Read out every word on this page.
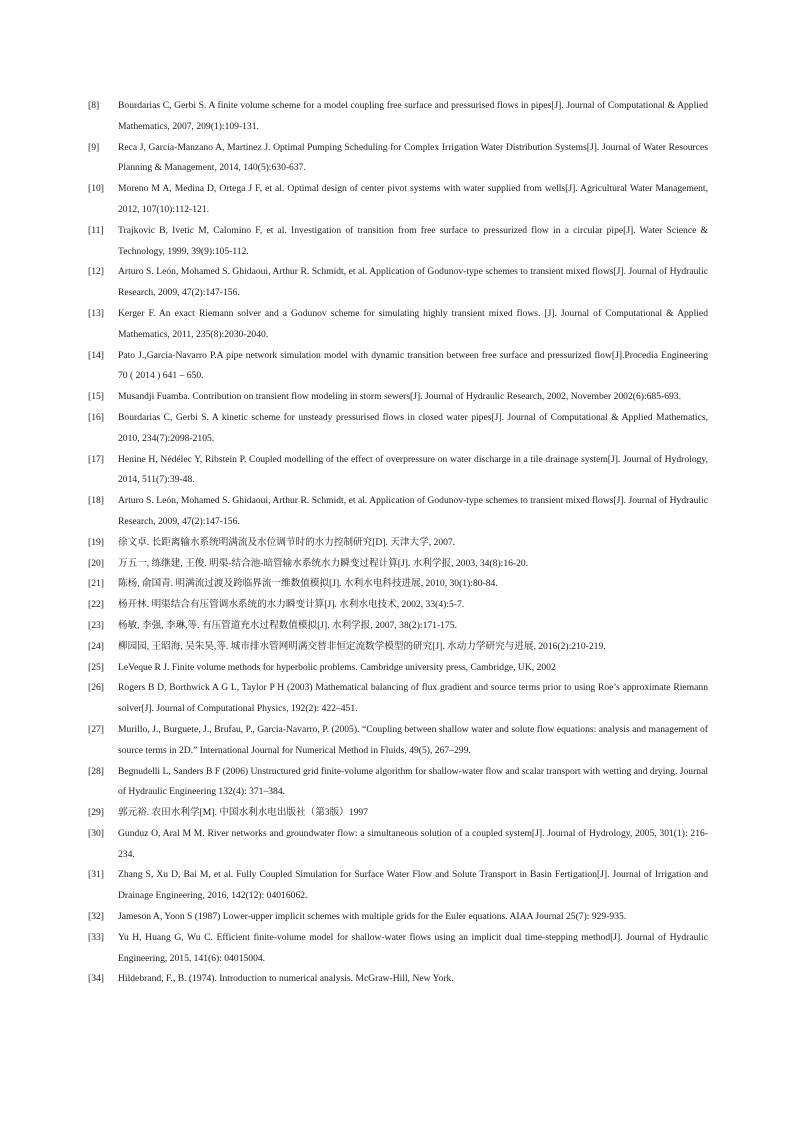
[8]	Bourdarias C, Gerbi S. A finite volume scheme for a model coupling free surface and pressurised flows in pipes[J]. Journal of Computational & Applied Mathematics, 2007, 209(1):109-131.
[9]	Reca J, García-Manzano A, Martinez J. Optimal Pumping Scheduling for Complex Irrigation Water Distribution Systems[J]. Journal of Water Resources Planning & Management, 2014, 140(5):630-637.
[10]	Moreno M A, Medina D, Ortega J F, et al. Optimal design of center pivot systems with water supplied from wells[J]. Agricultural Water Management, 2012, 107(10):112-121.
[11]	Trajkovic B, Ivetic M, Calomino F, et al. Investigation of transition from free surface to pressurized flow in a circular pipe[J]. Water Science & Technology, 1999, 39(9):105-112.
[12]	Arturo S. León, Mohamed S. Ghidaoui, Arthur R. Schmidt, et al. Application of Godunov-type schemes to transient mixed flows[J]. Journal of Hydraulic Research, 2009, 47(2):147-156.
[13]	Kerger F. An exact Riemann solver and a Godunov scheme for simulating highly transient mixed flows. [J]. Journal of Computational & Applied Mathematics, 2011, 235(8):2030-2040.
[14]	Pato J.,Garcia-Navarro P.A pipe network simulation model with dynamic transition between free surface and pressurized flow[J].Procedia Engineering 70 ( 2014 ) 641 – 650.
[15]	Musandji Fuamba. Contribution on transient flow modeling in storm sewers[J]. Journal of Hydraulic Research, 2002, November 2002(6):685-693.
[16]	Bourdarias C, Gerbi S. A kinetic scheme for unsteady pressurised flows in closed water pipes[J]. Journal of Computational & Applied Mathematics, 2010, 234(7):2098-2105.
[17]	Henine H, Nédélec Y, Ribstein P. Coupled modelling of the effect of overpressure on water discharge in a tile drainage system[J]. Journal of Hydrology, 2014, 511(7):39-48.
[18]	Arturo S. León, Mohamed S. Ghidaoui, Arthur R. Schmidt, et al. Application of Godunov-type schemes to transient mixed flows[J]. Journal of Hydraulic Research, 2009, 47(2):147-156.
[19]	徐文卓. 长距离输水系统明满流及水位调节时的水力控制研究[D]. 天津大学, 2007.
[20]	万五一, 练继建, 王俊. 明渠-结合池-暗管输水系统水力瞬变过程计算[J]. 水利学报, 2003, 34(8):16-20.
[21]	陈杨, 俞国青. 明满流过渡及跨临界流一维数值模拟[J]. 水利水电科技进展, 2010, 30(1):80-84.
[22]	杨开林. 明渠结合有压管调水系统的水力瞬变计算[J]. 水利水电技术, 2002, 33(4):5-7.
[23]	杨敏, 李强, 李琳,等. 有压管道充水过程数值模拟[J]. 水利学报, 2007, 38(2):171-175.
[24]	柳园园, 王昭海, 吴朱昊,等. 城市排水管网明满交替非恒定流数学模型的研究[J]. 水动力学研究与进展, 2016(2):210-219.
[25]	LeVeque R J. Finite volume methods for hyperbolic problems. Cambridge university press, Cambridge, UK, 2002
[26]	Rogers B D, Borthwick A G L, Taylor P H (2003) Mathematical balancing of flux gradient and source terms prior to using Roe’s approximate Riemann solver[J]. Journal of Computational Physics, 192(2): 422–451.
[27]	Murillo, J., Burguete, J., Brufau, P., García-Navarro, P. (2005). “Coupling between shallow water and solute flow equations: analysis and management of source terms in 2D.” International Journal for Numerical Method in Fluids, 49(5), 267–299.
[28]	Begnudelli L, Sanders B F (2006) Unstructured grid finite-volume algorithm for shallow-water flow and scalar transport with wetting and drying. Journal of Hydraulic Engineering 132(4): 371–384.
[29]	郭元裕. 农田水利学[M]. 中国水利水电出版社（第3版）1997
[30]	Gunduz O, Aral M M. River networks and groundwater flow: a simultaneous solution of a coupled system[J]. Journal of Hydrology, 2005, 301(1): 216-234.
[31]	Zhang S, Xu D, Bai M, et al. Fully Coupled Simulation for Surface Water Flow and Solute Transport in Basin Fertigation[J]. Journal of Irrigation and Drainage Engineering, 2016, 142(12): 04016062.
[32]	Jameson A, Yoon S (1987) Lower-upper implicit schemes with multiple grids for the Euler equations. AIAA Journal 25(7): 929-935.
[33]	Yu H, Huang G, Wu C. Efficient finite-volume model for shallow-water flows using an implicit dual time-stepping method[J]. Journal of Hydraulic Engineering, 2015, 141(6): 04015004.
[34]	Hildebrand, F., B. (1974). Introduction to numerical analysis. McGraw-Hill, New York.
